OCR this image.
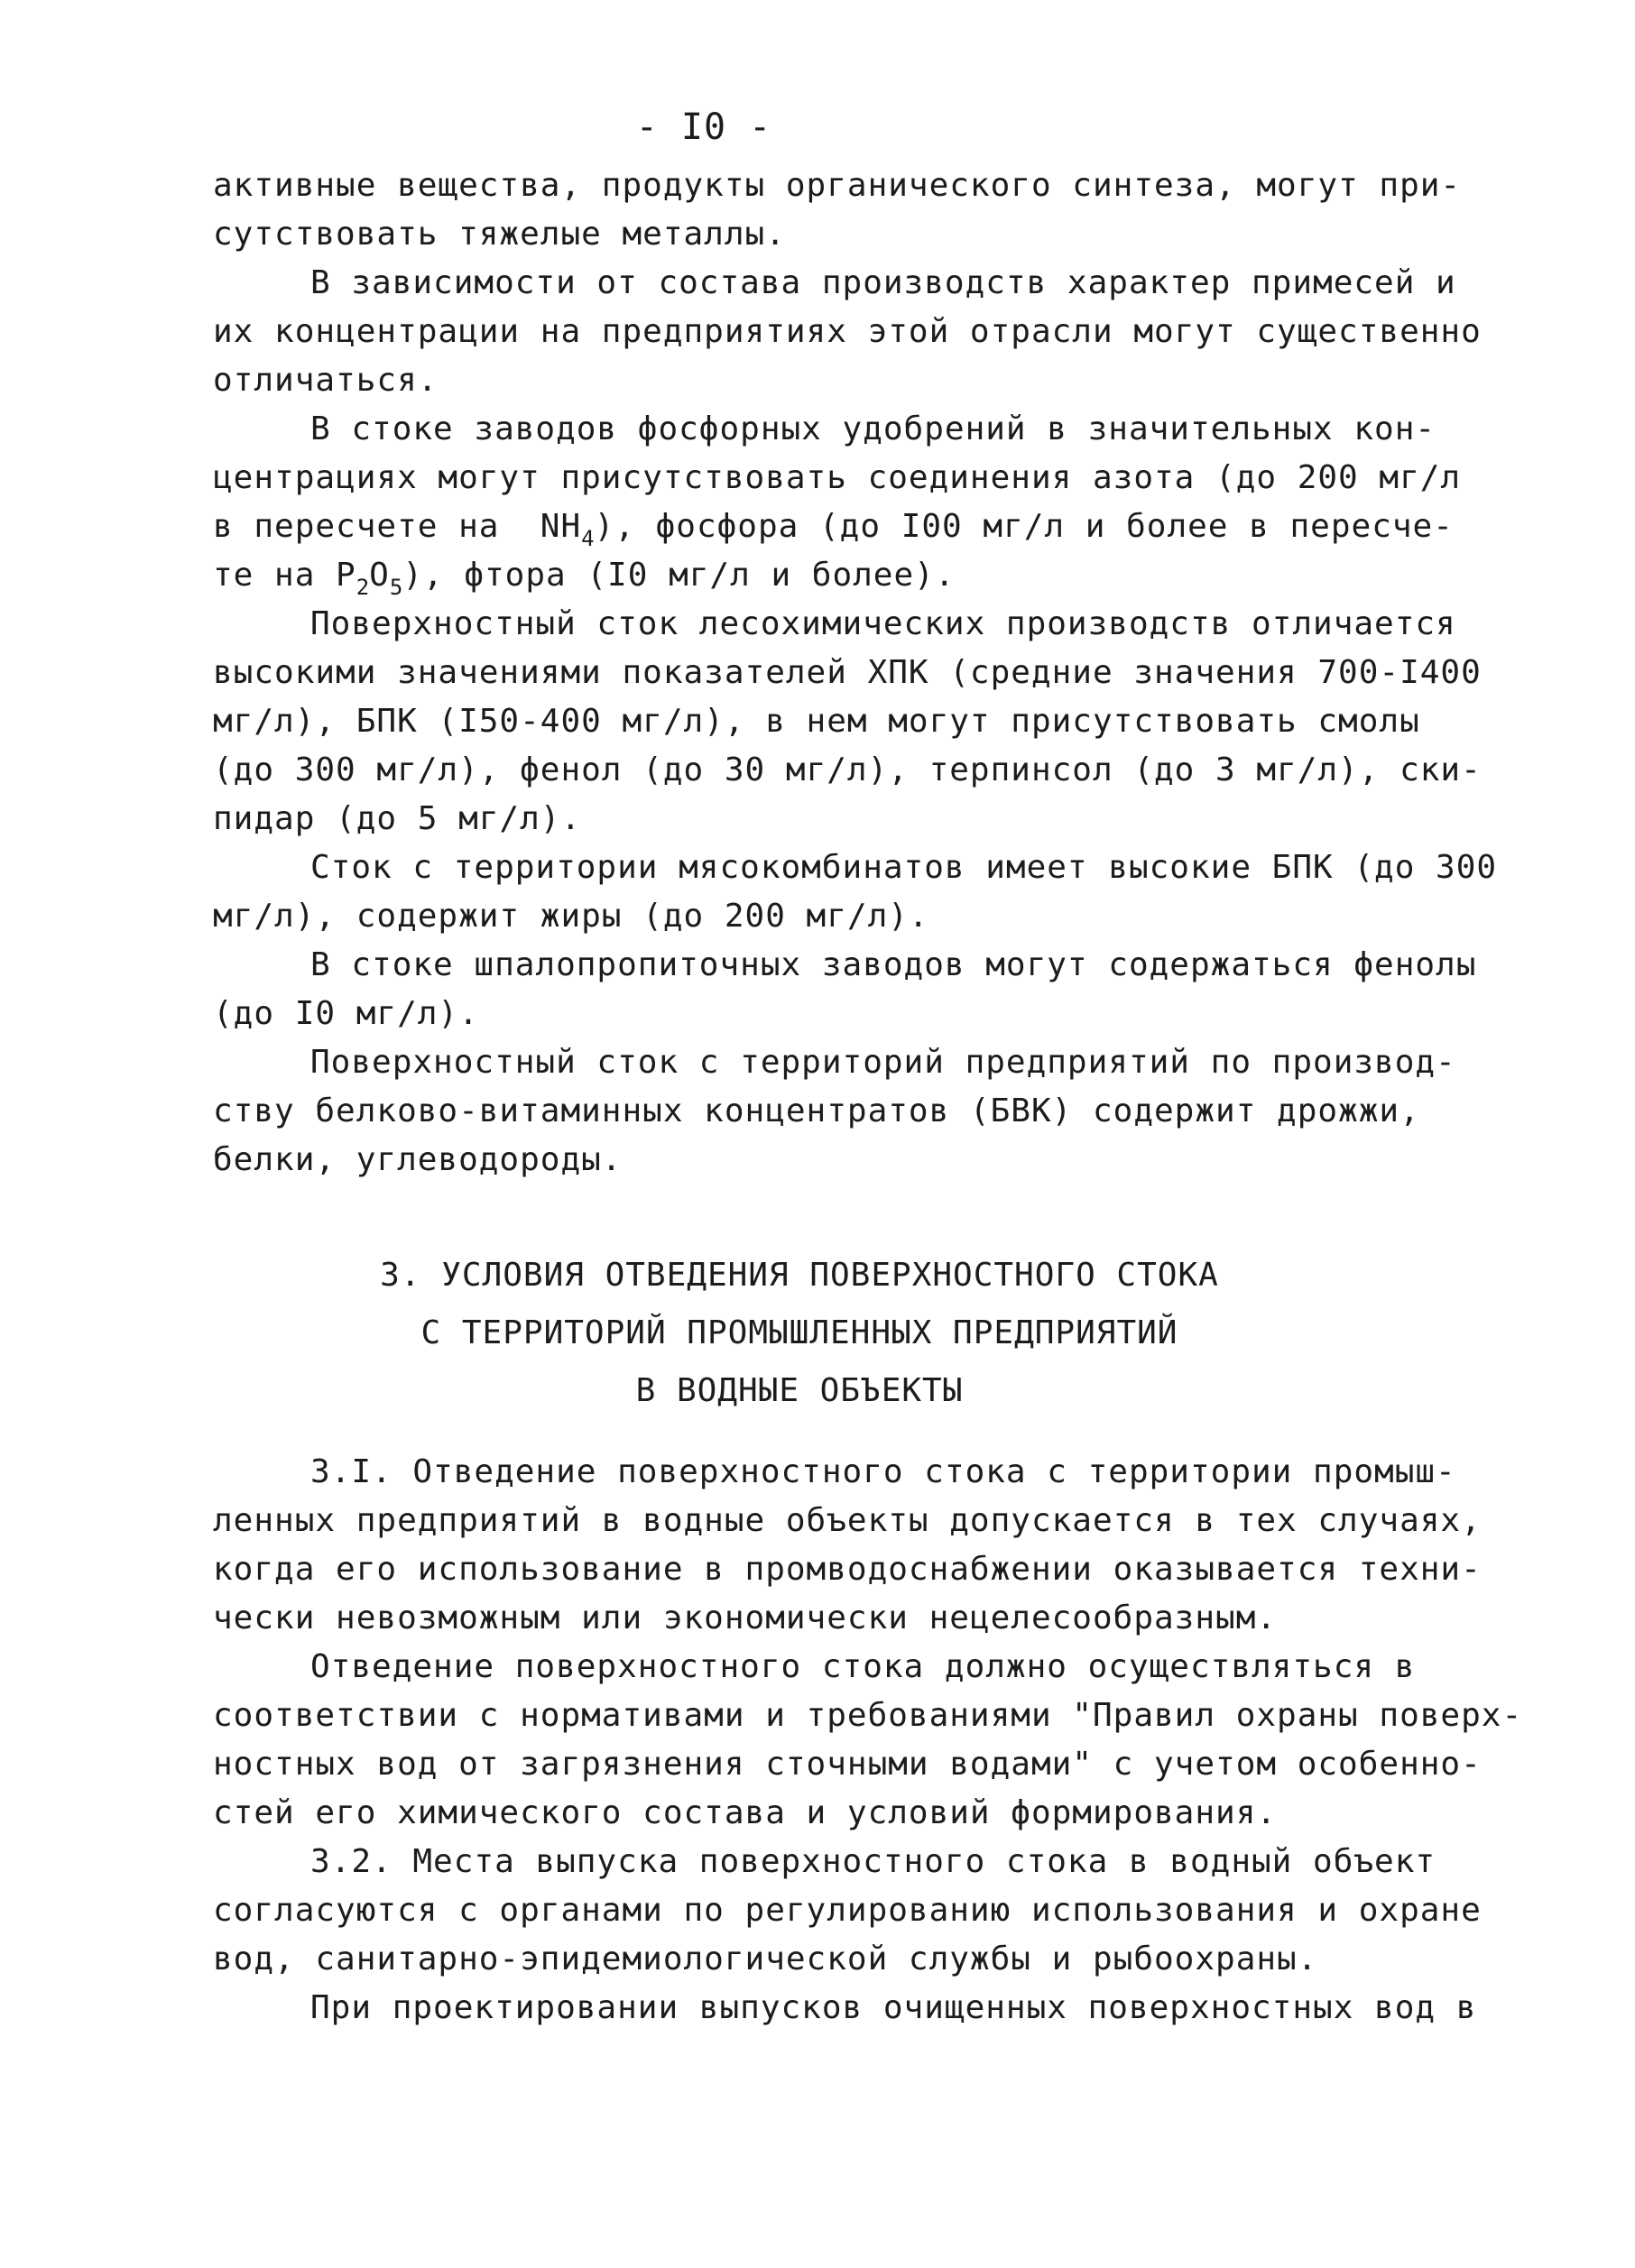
- I0 -
активные вещества, продукты органического синтеза, могут при-
сутствовать тяжелые металлы.
В зависимости от состава производств характер примесей и
их концентрации на предприятиях этой отрасли могут существенно
отличаться.
В стоке заводов фосфорных удобрений в значительных кон-
центрациях могут присутствовать соединения азота (до 200 мг/л
в пересчете на  $NH_4$), фосфора (до I00 мг/л и более в пересче-
те на $P_2O_5$), фтора (I0 мг/л и более).
Поверхностный сток лесохимических производств отличается
высокими значениями показателей ХПК (средние значения 700-I400
мг/л), БПК (I50-400 мг/л), в нем могут присутствовать смолы
(до 300 мг/л), фенол (до 30 мг/л), терпинсол (до 3 мг/л), ски-
пидар (до 5 мг/л).
Сток с территории мясокомбинатов имеет высокие БПК (до 300
мг/л), содержит жиры (до 200 мг/л).
В стоке шпалопропиточных заводов могут содержаться фенолы
(до I0 мг/л).
Поверхностный сток с территорий предприятий по производ-
ству белково-витаминных концентратов (БВК) содержит дрожжи,
белки, углеводороды.
3. УСЛОВИЯ ОТВЕДЕНИЯ ПОВЕРХНОСТНОГО СТОКА
С ТЕРРИТОРИЙ ПРОМЫШЛЕННЫХ ПРЕДПРИЯТИЙ
В ВОДНЫЕ ОБЪЕКТЫ
3.I. Отведение поверхностного стока с территории промыш-
ленных предприятий в водные объекты допускается в тех случаях,
когда его использование в промводоснабжении оказывается техни-
чески невозможным или экономически нецелесообразным.
Отведение поверхностного стока должно осуществляться в
соответствии с нормативами и требованиями "Правил охраны поверх-
ностных вод от загрязнения сточными водами" с учетом особенно-
стей его химического состава и условий формирования.
3.2. Места выпуска поверхностного стока в водный объект
согласуются с органами по регулированию использования и охране
вод, санитарно-эпидемиологической службы и рыбоохраны.
При проектировании выпусков очищенных поверхностных вод в
